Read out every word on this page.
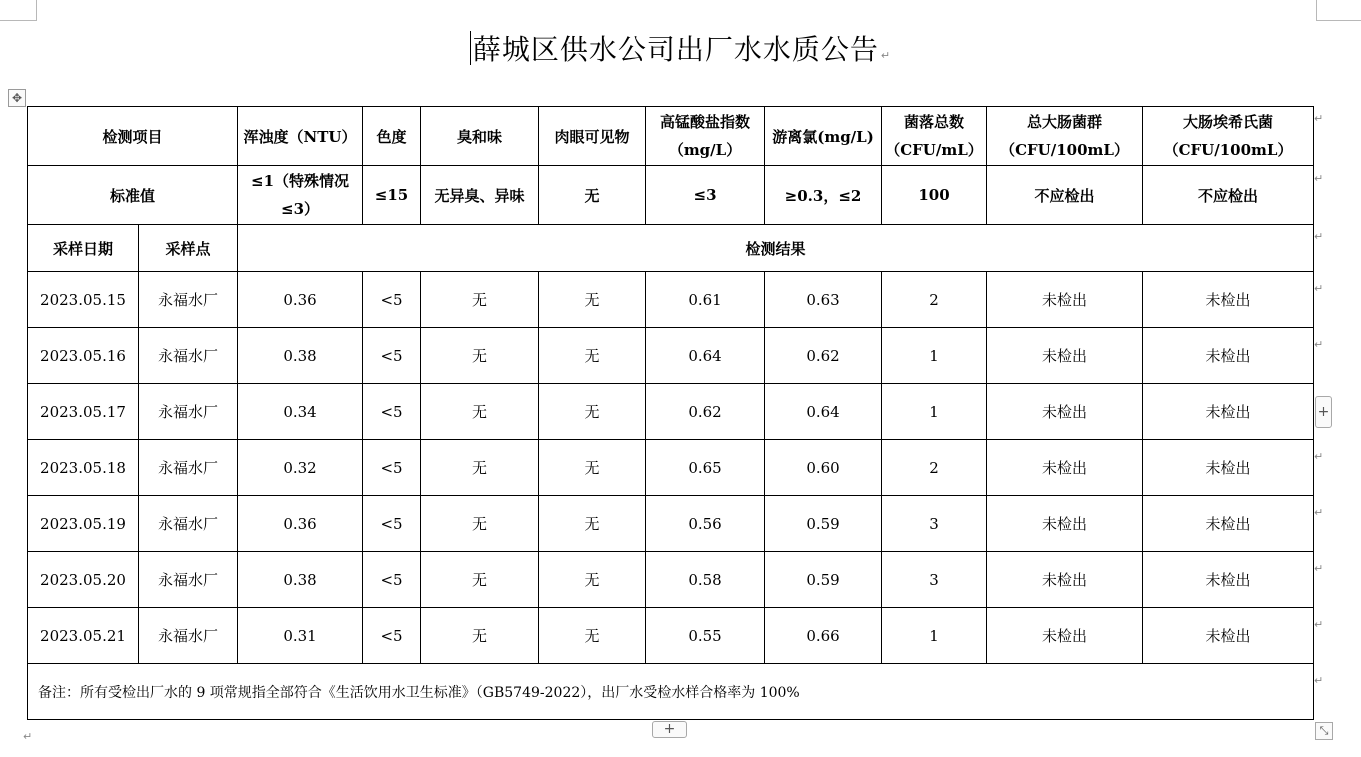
薛城区供水公司出厂水水质公告 ↵
✥
检测项目		浑浊度（NTU）	色度	臭和味	肉眼可见物	高锰酸盐指数（mg/L）	游离氯(mg/L)	菌落总数（CFU/mL）	总大肠菌群（CFU/100mL）	大肠埃希氏菌（CFU/100mL）
标准值		≤1（特殊情况≤3）	≤15	无异臭、异味	无	≤3	≥0.3，≤2	100	不应检出	不应检出
采样日期	采样点	检测结果								
2023.05.15	永福水厂	0.36	<5	无	无	0.61	0.63	2	未检出	未检出
2023.05.16	永福水厂	0.38	<5	无	无	0.64	0.62	1	未检出	未检出
2023.05.17	永福水厂	0.34	<5	无	无	0.62	0.64	1	未检出	未检出
2023.05.18	永福水厂	0.32	<5	无	无	0.65	0.60	2	未检出	未检出
2023.05.19	永福水厂	0.36	<5	无	无	0.56	0.59	3	未检出	未检出
2023.05.20	永福水厂	0.38	<5	无	无	0.58	0.59	3	未检出	未检出
2023.05.21	永福水厂	0.31	<5	无	无	0.55	0.66	1	未检出	未检出
备注：所有受检出厂水的 9 项常规指全部符合《生活饮用水卫生标准》（GB5749-2022），出厂水受检水样合格率为 100%										
↵
↵
↵
↵
↵
↵
↵
↵
↵
↵
+
+	⤡
↵
